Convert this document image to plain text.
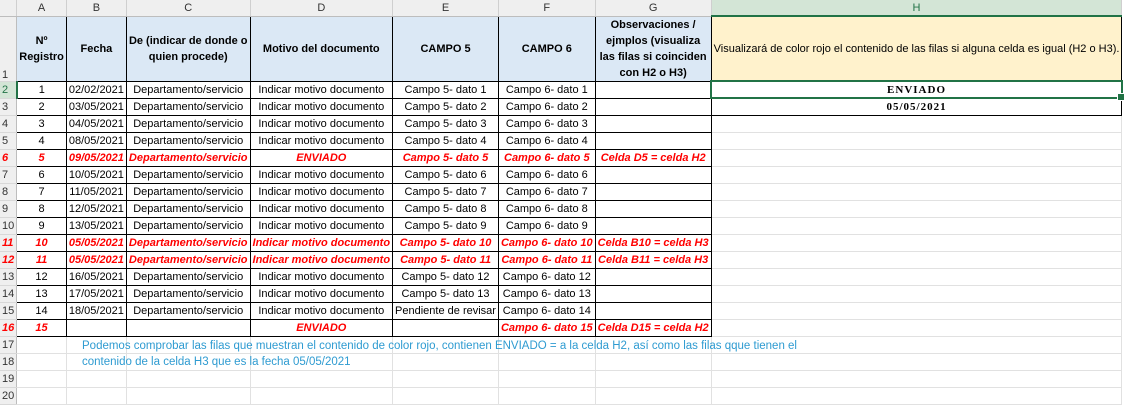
	A	B	C	D	E	F	G	H
1	Nº Registro	Fecha	De (indicar de donde o quien procede)	Motivo del documento	CAMPO 5	CAMPO 6	Observaciones / ejmplos (visualiza las filas si coinciden con H2 o H3)	Visualizará de color rojo el contenido de las filas si alguna celda es igual (H2 o H3).
2	1	02/02/2021	Departamento/servicio	Indicar motivo documento	Campo 5- dato 1	Campo 6- dato 1		ENVIADO

3	2	03/05/2021	Departamento/servicio	Indicar motivo documento	Campo 5- dato 2	Campo 6- dato 2		05/05/2021
4	3	04/05/2021	Departamento/servicio	Indicar motivo documento	Campo 5- dato 3	Campo 6- dato 3		
5	4	08/05/2021	Departamento/servicio	Indicar motivo documento	Campo 5- dato 4	Campo 6- dato 4		
6	5	09/05/2021	Departamento/servicio	ENVIADO	Campo 5- dato 5	Campo 6- dato 5	Celda D5 = celda H2	
7	6	10/05/2021	Departamento/servicio	Indicar motivo documento	Campo 5- dato 6	Campo 6- dato 6		
8	7	11/05/2021	Departamento/servicio	Indicar motivo documento	Campo 5- dato 7	Campo 6- dato 7		
9	8	12/05/2021	Departamento/servicio	Indicar motivo documento	Campo 5- dato 8	Campo 6- dato 8		
10	9	13/05/2021	Departamento/servicio	Indicar motivo documento	Campo 5- dato 9	Campo 6- dato 9		
11	10	05/05/2021	Departamento/servicio	Indicar motivo documento	Campo 5- dato 10	Campo 6- dato 10	Celda B10 = celda H3	
12	11	05/05/2021	Departamento/servicio	Indicar motivo documento	Campo 5- dato 11	Campo 6- dato 11	Celda B11 = celda H3	
13	12	16/05/2021	Departamento/servicio	Indicar motivo documento	Campo 5- dato 12	Campo 6- dato 12		
14	13	17/05/2021	Departamento/servicio	Indicar motivo documento	Campo 5- dato 13	Campo 6- dato 13		
15	14	18/05/2021	Departamento/servicio	Indicar motivo documento	Pendiente de revisar	Campo 6- dato 14		
16	15			ENVIADO		Campo 6- dato 15	Celda D15 = celda H2	
17								
18								
19								
20								
Podemos comprobar las filas que muestran el contenido de color rojo, contienen ENVIADO = a la celda H2, así como las filas qque tienen el
contenido de la celda H3 que es la fecha 05/05/2021
